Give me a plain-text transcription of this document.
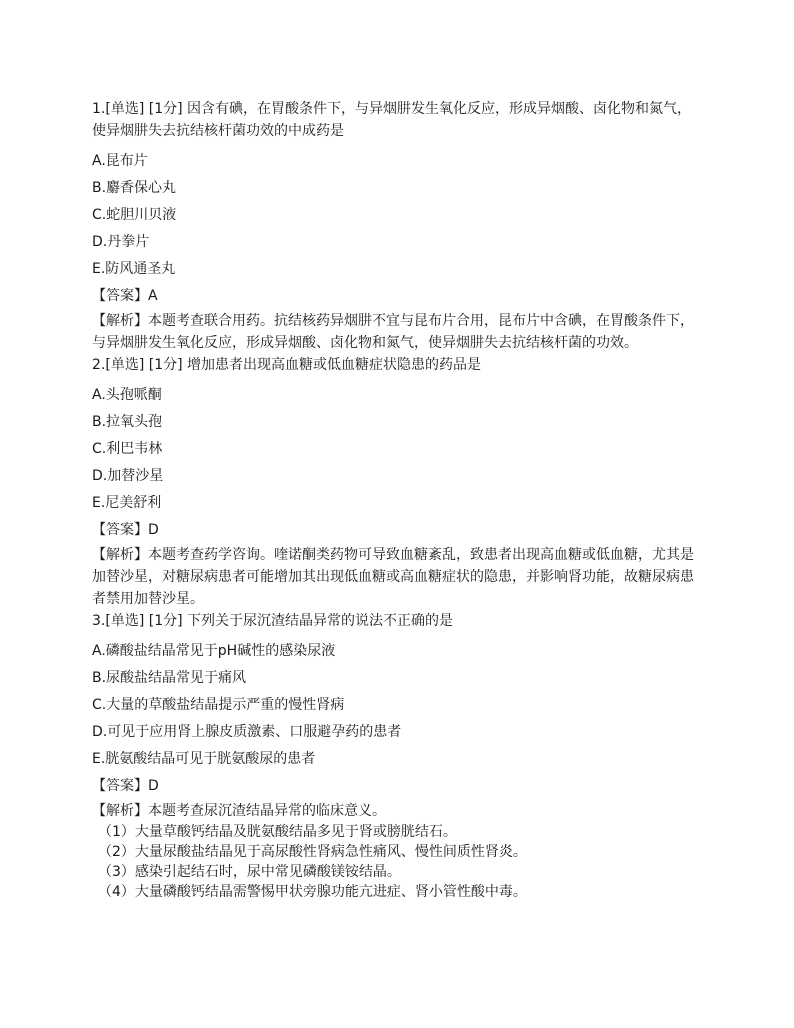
1.[单选] [1分] 因含有碘，在胃酸条件下，与异烟肼发生氧化反应，形成异烟酸、卤化物和氮气，使异烟肼失去抗结核杆菌功效的中成药是

A.昆布片

B.麝香保心丸

C.蛇胆川贝液

D.丹拳片

E.防风通圣丸

【答案】A

【解析】本题考查联合用药。抗结核药异烟肼不宜与昆布片合用，昆布片中含碘，在胃酸条件下，与异烟肼发生氧化反应，形成异烟酸、卤化物和氮气，使异烟肼失去抗结核杆菌的功效。

2.[单选] [1分] 增加患者出现高血糖或低血糖症状隐患的药品是

A.头孢哌酮

B.拉氧头孢

C.利巴韦林

D.加替沙星

E.尼美舒利

【答案】D

【解析】本题考查药学咨询。喹诺酮类药物可导致血糖紊乱，致患者出现高血糖或低血糖，尤其是加替沙星，对糖尿病患者可能增加其出现低血糖或高血糖症状的隐患，并影响肾功能，故糖尿病患者禁用加替沙星。

3.[单选] [1分] 下列关于尿沉渣结晶异常的说法不正确的是

A.磷酸盐结晶常见于pH碱性的感染尿液

B.尿酸盐结晶常见于痛风

C.大量的草酸盐结晶提示严重的慢性肾病

D.可见于应用肾上腺皮质激素、口服避孕药的患者

E.胱氨酸结晶可见于胱氨酸尿的患者

【答案】D

【解析】本题考查尿沉渣结晶异常的临床意义。

（1）大量草酸钙结晶及胱氨酸结晶多见于肾或膀胱结石。

（2）大量尿酸盐结晶见于高尿酸性肾病急性痛风、慢性间质性肾炎。

（3）感染引起结石时，尿中常见磷酸镁铵结晶。

（4）大量磷酸钙结晶需警惕甲状旁腺功能亢进症、肾小管性酸中毒。
